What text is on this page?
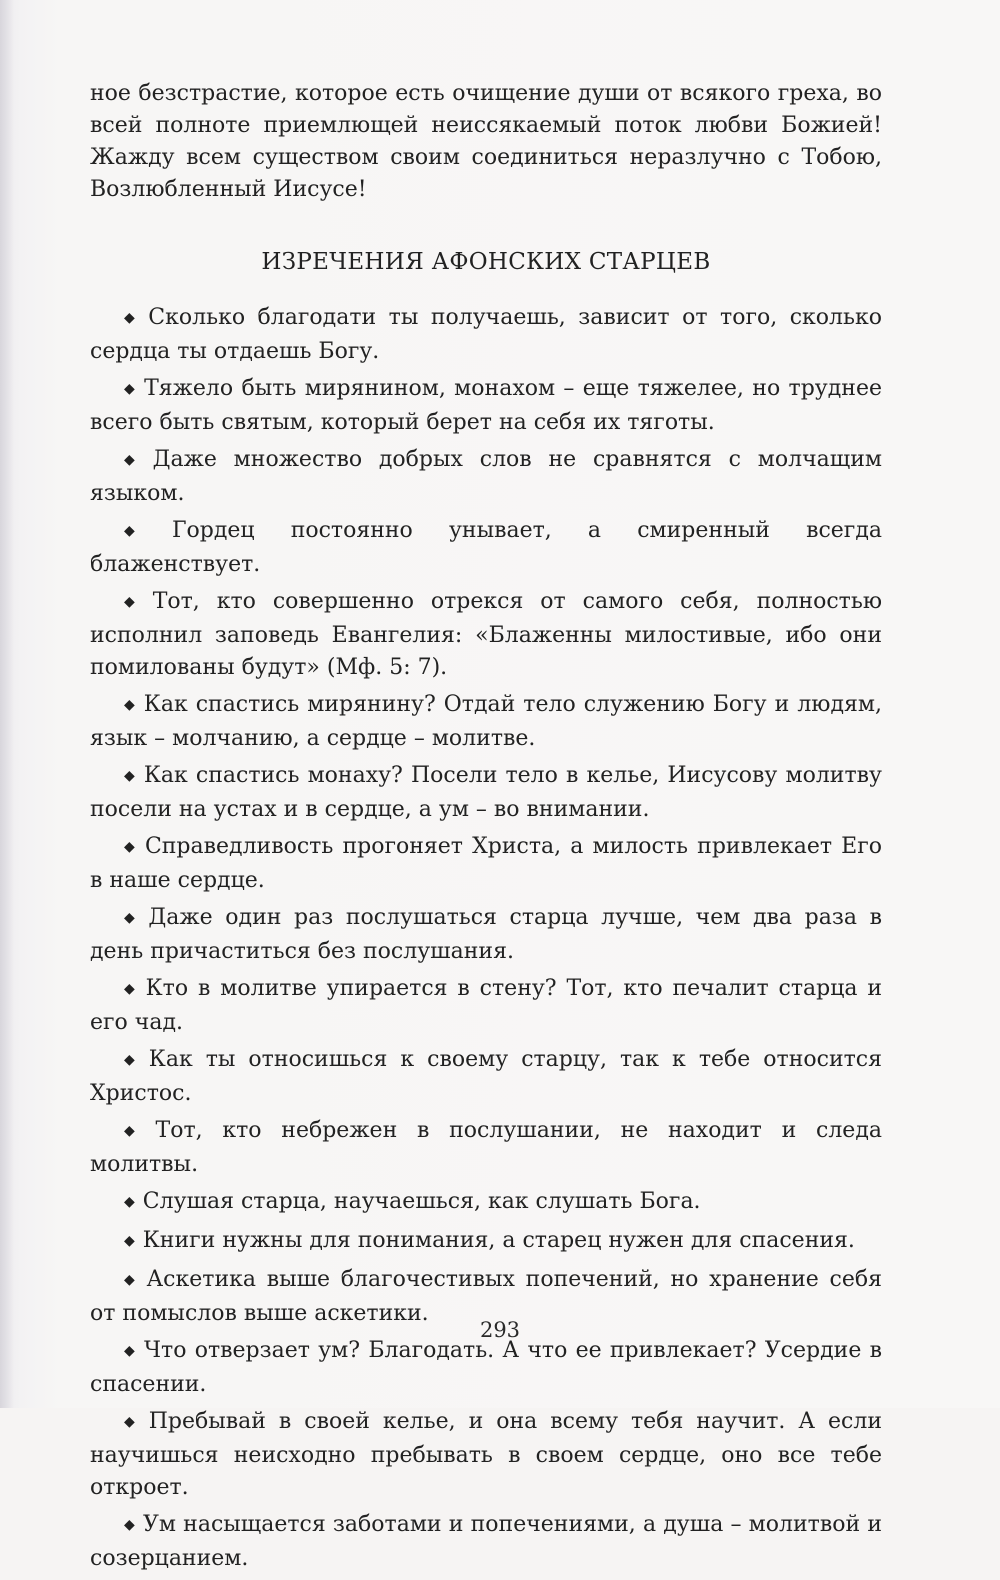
ное безстрастие, которое есть очищение души от всякого греха, во всей полноте приемлющей неиссякаемый поток любви Божией! Жажду всем существом своим соединиться неразлучно с Тобою, Возлюбленный Иисусе!

ИЗРЕЧЕНИЯ АФОНСКИХ СТАРЦЕВ

◆ Сколько благодати ты получаешь, зависит от того, сколько сердца ты отдаешь Богу.

◆ Тяжело быть мирянином, монахом – еще тяжелее, но труднее всего быть святым, который берет на себя их тяготы.

◆ Даже множество добрых слов не сравнятся с молчащим языком.

◆ Гордец постоянно унывает, а смиренный всегда блаженствует.

◆ Тот, кто совершенно отрекся от самого себя, полностью исполнил заповедь Евангелия: «Блаженны милостивые, ибо они помилованы будут» (Мф. 5: 7).

◆ Как спастись мирянину? Отдай тело служению Богу и людям, язык – молчанию, а сердце – молитве.

◆ Как спастись монаху? Посели тело в келье, Иисусову молитву посели на устах и в сердце, а ум – во внимании.

◆ Справедливость прогоняет Христа, а милость привлекает Его в наше сердце.

◆ Даже один раз послушаться старца лучше, чем два раза в день причаститься без послушания.

◆ Кто в молитве упирается в стену? Тот, кто печалит старца и его чад.

◆ Как ты относишься к своему старцу, так к тебе относится Христос.

◆ Тот, кто небрежен в послушании, не находит и следа молитвы.

◆ Слушая старца, научаешься, как слушать Бога.

◆ Книги нужны для понимания, а старец нужен для спасения.

◆ Аскетика выше благочестивых попечений, но хранение себя от помыслов выше аскетики.

◆ Что отверзает ум? Благодать. А что ее привлекает? Усердие в спасении.

◆ Пребывай в своей келье, и она всему тебя научит. А если научишься неисходно пребывать в своем сердце, оно все тебе откроет.

◆ Ум насыщается заботами и попечениями, а душа – молитвой и созерцанием.

293
